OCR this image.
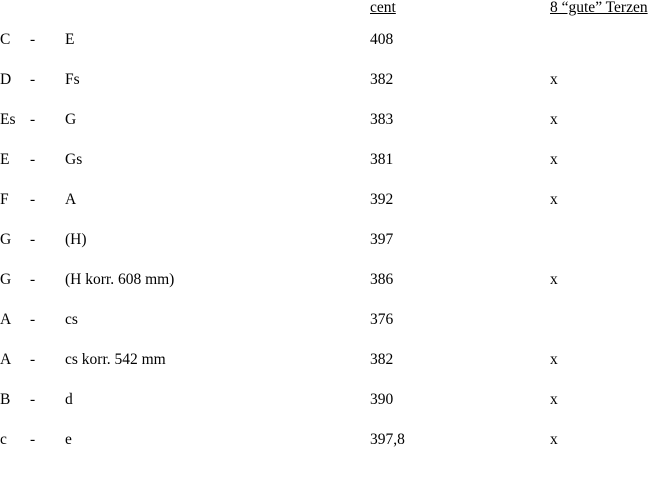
			cent	8 “gute” Terzen
C	-	E	408	
D	-	Fs	382	x
Es	-	G	383	x
E	-	Gs	381	x
F	-	A	392	x
G	-	(H)	397	
G	-	(H korr. 608 mm)	386	x
A	-	cs	376	
A	-	cs korr. 542 mm	382	x
B	-	d	390	x
c	-	e	397,8	x
